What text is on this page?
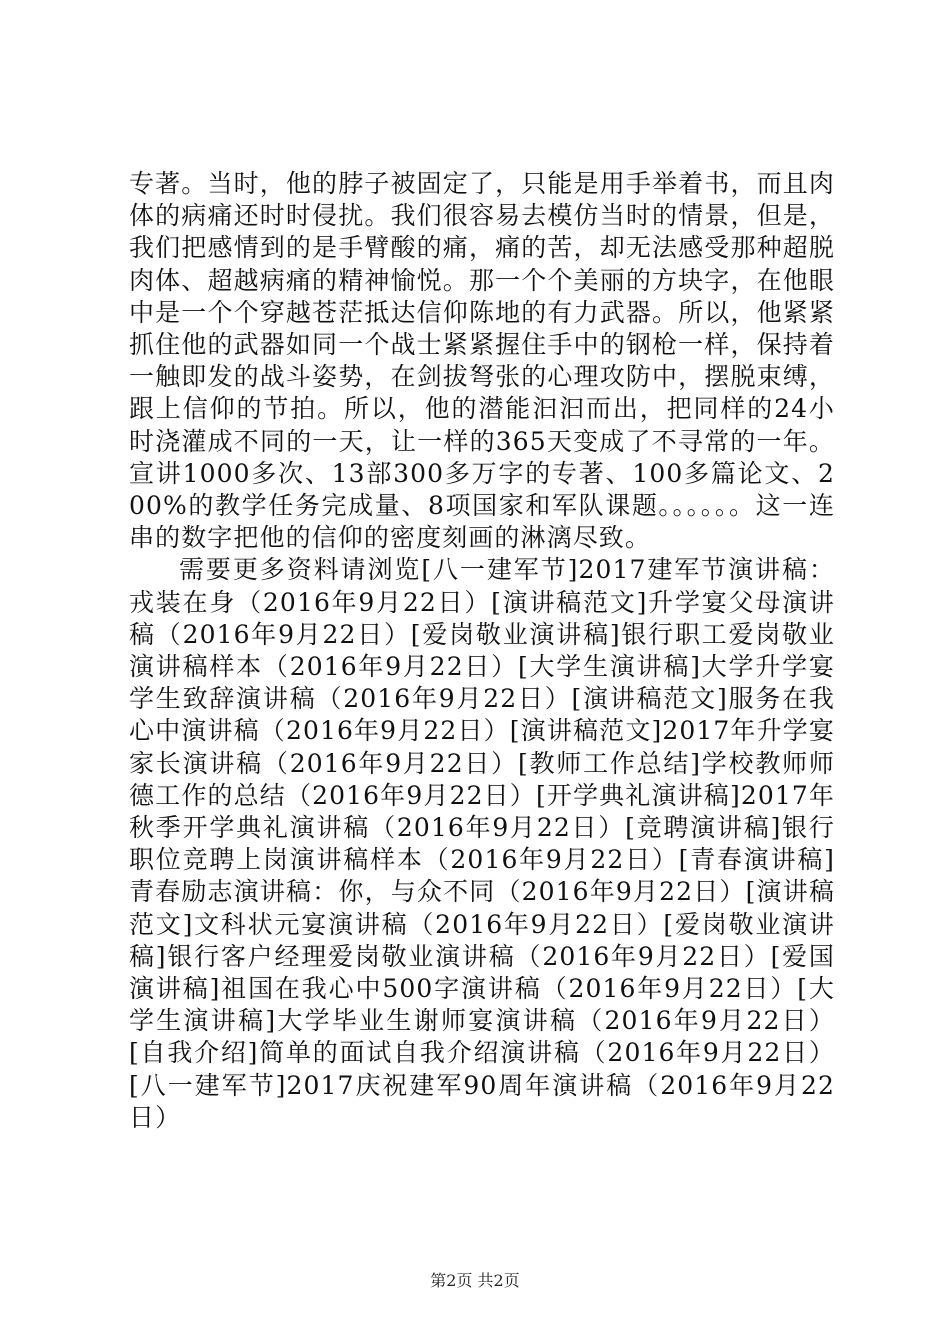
专著。当时，他的脖子被固定了，只能是用手举着书，而且肉体的病痛还时时侵扰。我们很容易去模仿当时的情景，但是，我们把感情到的是手臂酸的痛，痛的苦，却无法感受那种超脱肉体、超越病痛的精神愉悦。那一个个美丽的方块字，在他眼中是一个个穿越苍茫抵达信仰陈地的有力武器。所以，他紧紧抓住他的武器如同一个战士紧紧握住手中的钢枪一样，保持着一触即发的战斗姿势，在剑拔弩张的心理攻防中，摆脱束缚，跟上信仰的节拍。所以，他的潜能汩汩而出，把同样的24小时浇灌成不同的一天，让一样的365天变成了不寻常的一年。宣讲1000多次、13部300多万字的专著、100多篇论文、200%的教学任务完成量、8项国家和军队课题。。。。。。这一连串的数字把他的信仰的密度刻画的淋漓尽致。

需要更多资料请浏览[八一建军节]2017建军节演讲稿：戎装在身（2016年9月22日）[演讲稿范文]升学宴父母演讲稿（2016年9月22日）[爱岗敬业演讲稿]银行职工爱岗敬业演讲稿样本（2016年9月22日）[大学生演讲稿]大学升学宴学生致辞演讲稿（2016年9月22日）[演讲稿范文]服务在我心中演讲稿（2016年9月22日）[演讲稿范文]2017年升学宴家长演讲稿（2016年9月22日）[教师工作总结]学校教师师德工作的总结（2016年9月22日）[开学典礼演讲稿]2017年秋季开学典礼演讲稿（2016年9月22日）[竞聘演讲稿]银行职位竞聘上岗演讲稿样本（2016年9月22日）[青春演讲稿]青春励志演讲稿：你，与众不同（2016年9月22日）[演讲稿范文]文科状元宴演讲稿（2016年9月22日）[爱岗敬业演讲稿]银行客户经理爱岗敬业演讲稿（2016年9月22日）[爱国演讲稿]祖国在我心中500字演讲稿（2016年9月22日）[大学生演讲稿]大学毕业生谢师宴演讲稿（2016年9月22日）[自我介绍]简单的面试自我介绍演讲稿（2016年9月22日）[八一建军节]2017庆祝建军90周年演讲稿（2016年9月22日）

第2页 共2页
